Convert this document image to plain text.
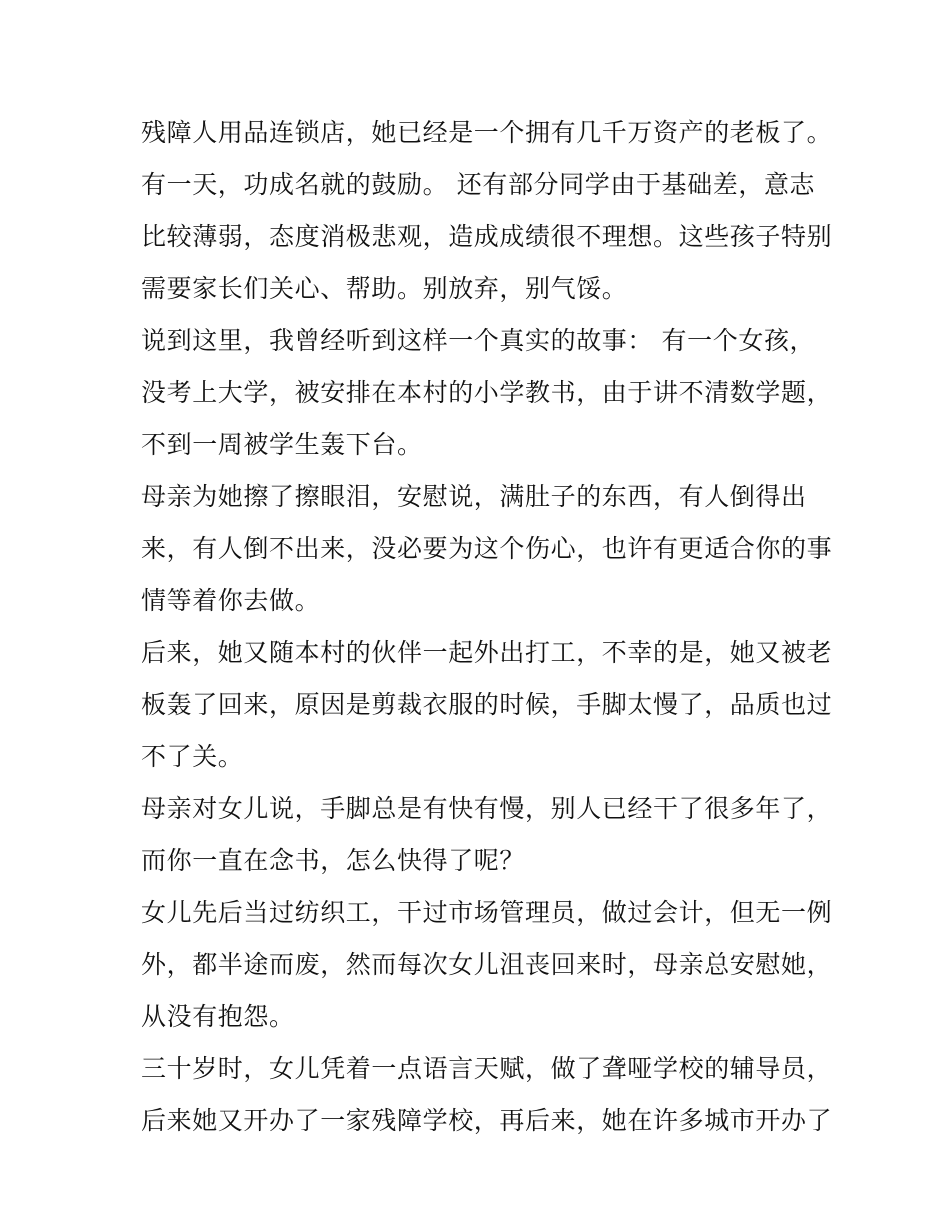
残障人用品连锁店，她已经是一个拥有几千万资产的老板了。
有一天，功成名就的鼓励。 还有部分同学由于基础差，意志
比较薄弱，态度消极悲观，造成成绩很不理想。这些孩子特别
需要家长们关心、帮助。别放弃，别气馁。

说到这里，我曾经听到这样一个真实的故事： 有一个女孩，
没考上大学，被安排在本村的小学教书，由于讲不清数学题，
不到一周被学生轰下台。

母亲为她擦了擦眼泪，安慰说，满肚子的东西，有人倒得出
来，有人倒不出来，没必要为这个伤心，也许有更适合你的事
情等着你去做。

后来，她又随本村的伙伴一起外出打工，不幸的是，她又被老
板轰了回来，原因是剪裁衣服的时候，手脚太慢了，品质也过
不了关。

母亲对女儿说，手脚总是有快有慢，别人已经干了很多年了，
而你一直在念书，怎么快得了呢？

女儿先后当过纺织工，干过市场管理员，做过会计，但无一例
外，都半途而废，然而每次女儿沮丧回来时，母亲总安慰她，
从没有抱怨。

三十岁时，女儿凭着一点语言天赋，做了聋哑学校的辅导员，
后来她又开办了一家残障学校，再后来，她在许多城市开办了
